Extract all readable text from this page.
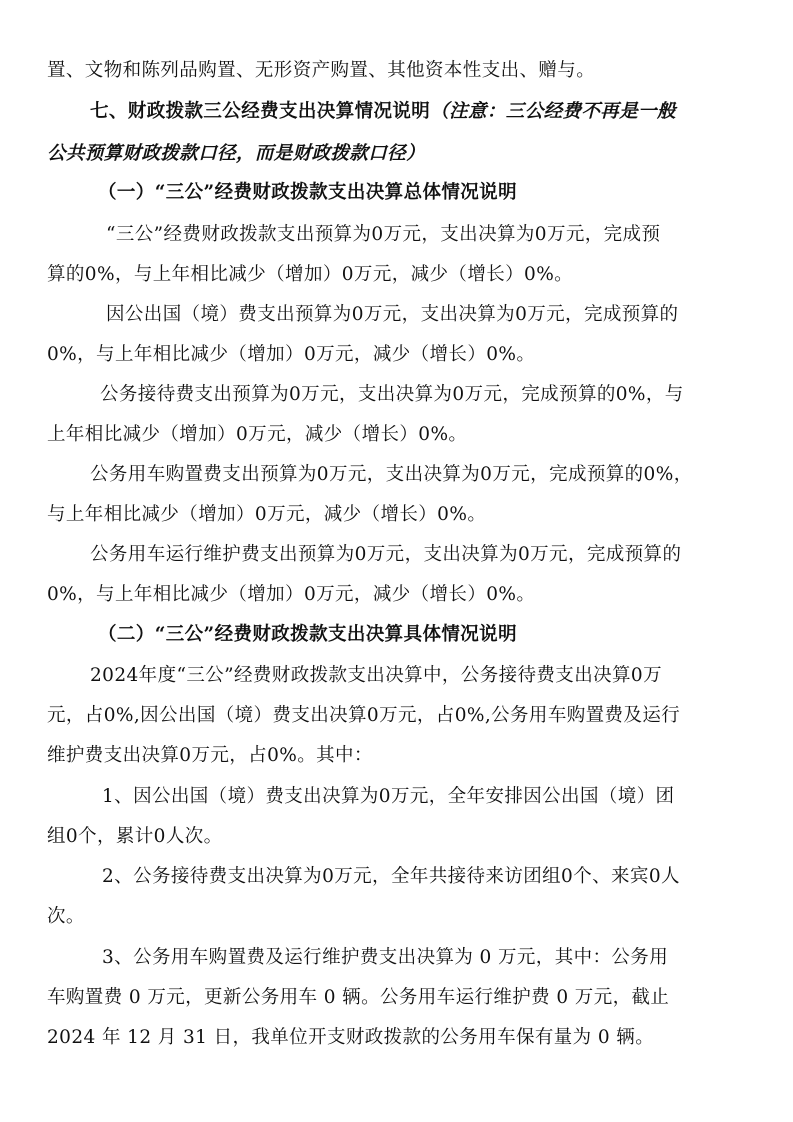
置、文物和陈列品购置、无形资产购置、其他资本性支出、赠与。
七、财政拨款三公经费支出决算情况说明（注意：三公经费不再是一般
公共预算财政拨款口径，而是财政拨款口径）
（一）“三公”经费财政拨款支出决算总体情况说明
“三公”经费财政拨款支出预算为0万元，支出决算为0万元，完成预
算的0%，与上年相比减少（增加）0万元，减少（增长）0%。
因公出国（境）费支出预算为0万元，支出决算为0万元，完成预算的
0%，与上年相比减少（增加）0万元，减少（增长）0%。
公务接待费支出预算为0万元，支出决算为0万元，完成预算的0%，与
上年相比减少（增加）0万元，减少（增长）0%。
公务用车购置费支出预算为0万元，支出决算为0万元，完成预算的0%，
与上年相比减少（增加）0万元，减少（增长）0%。
公务用车运行维护费支出预算为0万元，支出决算为0万元，完成预算的
0%，与上年相比减少（增加）0万元，减少（增长）0%。
（二）“三公”经费财政拨款支出决算具体情况说明
2024年度“三公”经费财政拨款支出决算中，公务接待费支出决算0万
元，占0%,因公出国（境）费支出决算0万元，占0%,公务用车购置费及运行
维护费支出决算0万元，占0%。其中：
1、因公出国（境）费支出决算为0万元，全年安排因公出国（境）团
组0个，累计0人次。
2、公务接待费支出决算为0万元，全年共接待来访团组0个、来宾0人
次。
3、公务用车购置费及运行维护费支出决算为 0 万元，其中：公务用
车购置费 0 万元，更新公务用车 0 辆。公务用车运行维护费 0 万元，截止
2024 年 12 月 31 日，我单位开支财政拨款的公务用车保有量为 0 辆。
